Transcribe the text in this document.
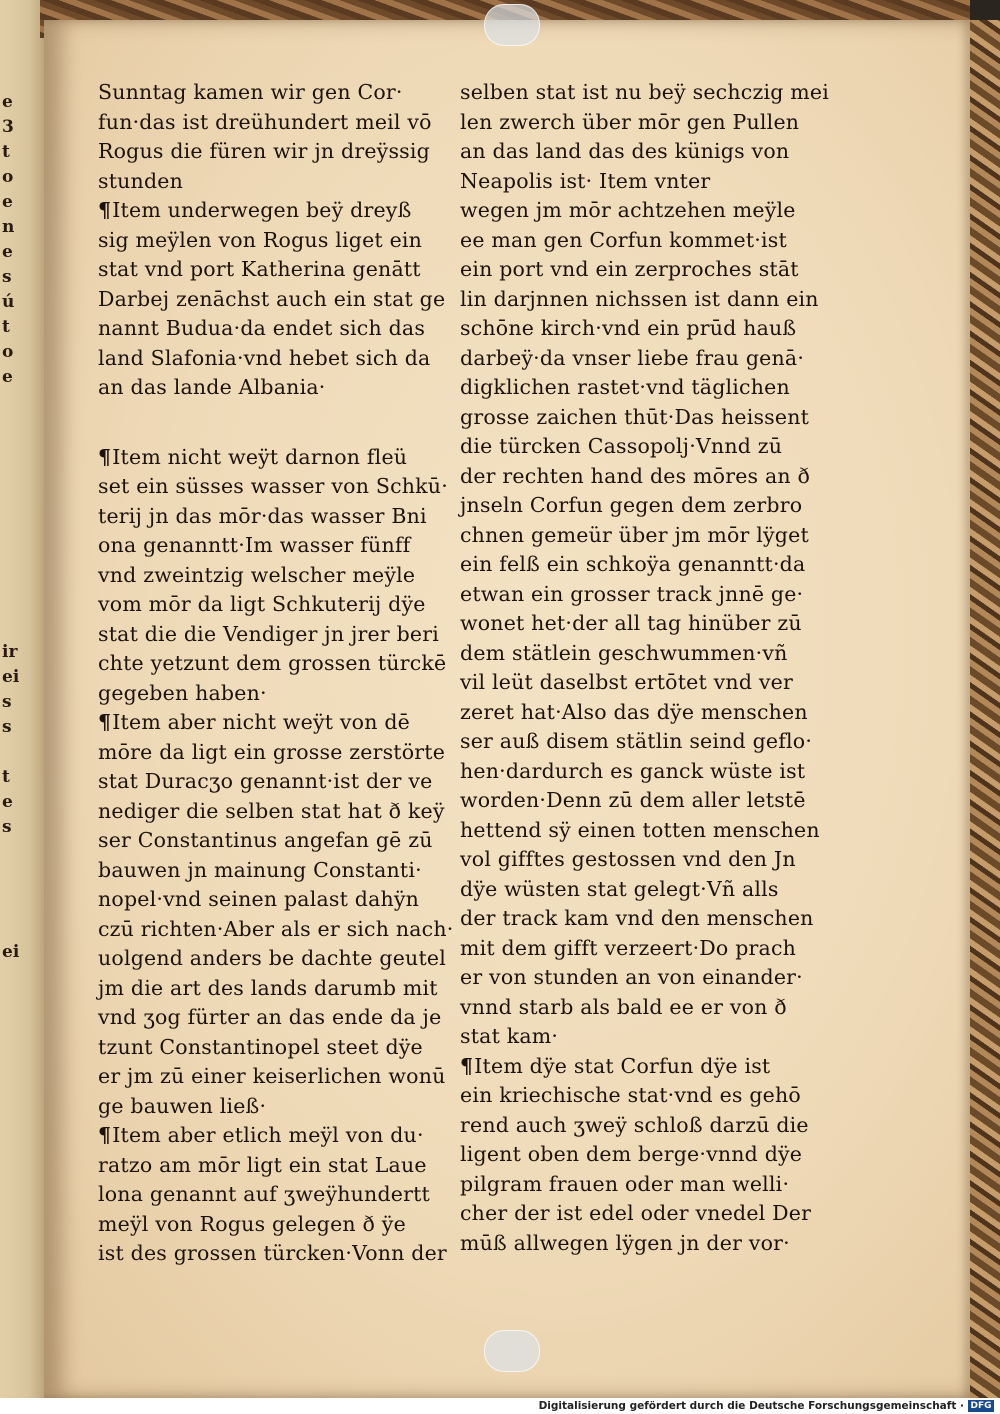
e
3
t
o
e
n
e
s
ú
t
o
e
ir
ei
s
s
t
e
s
ei
Sunntag kamen wir gen Cor·
fun·das ist dreühundert meil vō
Rogus die füren wir jn dreÿssig
stunden
¶Item underwegen beÿ dreyß
sig meÿlen von Rogus liget ein
stat vnd port Katherina genātt
Darbej zenāchst auch ein stat ge
nannt Budua·da endet sich das
land Slafonia·vnd hebet sich da
an das lande Albania·
¶Item nicht weÿt darnon fleü
set ein süsses wasser von Schkū·
terij jn das mōr·das wasser Bni
ona genanntt·Im wasser fünff
vnd zweintzig welscher meÿle
vom mōr da ligt Schkuterij dÿe
stat die die Vendiger jn jrer beri
chte yetzunt dem grossen türckē
gegeben haben·
¶Item aber nicht weÿt von dē
mōre da ligt ein grosse zerstörte
stat Duracʒo genannt·ist der ve
nediger die selben stat hat ð keÿ
ser Constantinus angefan gē zū
bauwen jn mainung Constanti·
nopel·vnd seinen palast dahÿn
czū richten·Aber als er sich nach·
uolgend anders be dachte geutel
jm die art des lands darumb mit
vnd ʒog fürter an das ende da je
tzunt Constantinopel steet dÿe
er jm zū einer keiserlichen wonū
ge bauwen ließ·
¶Item aber etlich meÿl von du·
ratzo am mōr ligt ein stat Laue
lona genannt auf ʒweÿhundertt
meÿl von Rogus gelegen ð ÿe
ist des grossen türcken·Vonn der
selben stat ist nu beÿ sechczig mei
len zwerch über mōr gen Pullen
an das land das des künigs von
Neapolis ist· Item vnter
wegen jm mōr achtzehen meÿle
ee man gen Corfun kommet·ist
ein port vnd ein zerproches stāt
lin darjnnen nichssen ist dann ein
schōne kirch·vnd ein prūd hauß
darbeÿ·da vnser liebe frau genā·
digklichen rastet·vnd täglichen
grosse zaichen thūt·Das heissent
die türcken Cassopolj·Vnnd zū
der rechten hand des mōres an ð
jnseln Corfun gegen dem zerbro
chnen gemeür über jm mōr lÿget
ein felß ein schkoÿa genanntt·da
etwan ein grosser track jnnē ge·
wonet het·der all tag hinüber zū
dem stätlein geschwummen·vñ
vil leüt daselbst ertōtet vnd ver
zeret hat·Also das dÿe menschen
ser auß disem stätlin seind geflo·
hen·dardurch es ganck wüste ist
worden·Denn zū dem aller letstē
hettend sÿ einen totten menschen
vol gifftes gestossen vnd den Jn
dÿe wüsten stat gelegt·Vñ alls
der track kam vnd den menschen
mit dem gifft verzeert·Do prach
er von stunden an von einander·
vnnd starb als bald ee er von ð
stat kam·
¶Item dÿe stat Corfun dÿe ist
ein kriechische stat·vnd es gehō
rend auch ʒweÿ schloß darzū die
ligent oben dem berge·vnnd dÿe
pilgram frauen oder man welli·
cher der ist edel oder vnedel Der
mūß allwegen lÿgen jn der vor·
Digitalisierung gefördert durch die Deutsche Forschungsgemeinschaft · DFG
